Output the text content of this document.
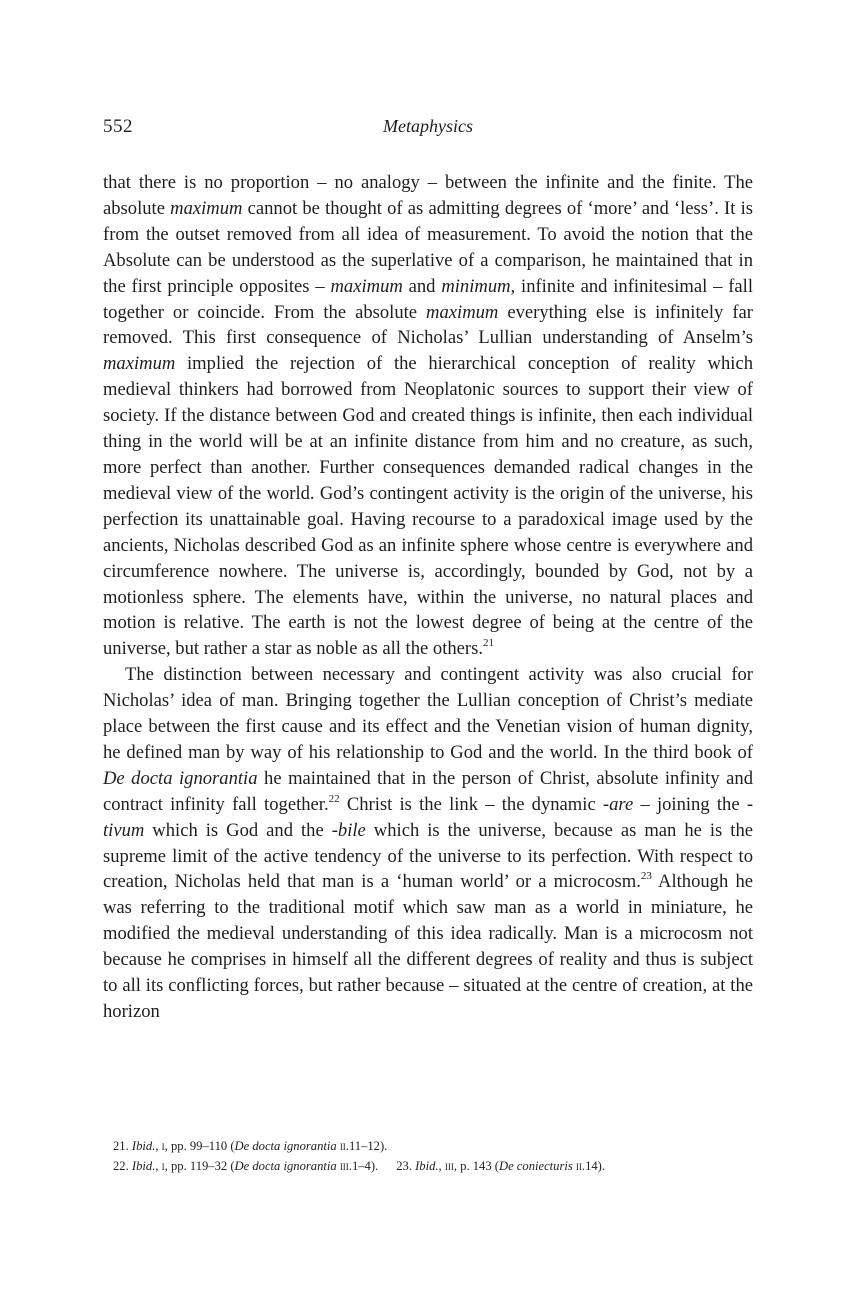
552	Metaphysics

that there is no proportion – no analogy – between the infinite and the finite. The absolute maximum cannot be thought of as admitting degrees of ‘more’ and ‘less’. It is from the outset removed from all idea of measurement. To avoid the notion that the Absolute can be understood as the superlative of a comparison, he maintained that in the first principle opposites – maximum and minimum, infinite and infinitesimal – fall together or coincide. From the absolute maximum everything else is infinitely far removed. This first consequence of Nicholas’ Lullian understanding of Anselm’s maximum implied the rejection of the hierarchical conception of reality which medieval thinkers had borrowed from Neoplatonic sources to support their view of society. If the distance between God and created things is infinite, then each individual thing in the world will be at an infinite distance from him and no creature, as such, more perfect than another. Further consequences demanded radical changes in the medieval view of the world. God’s contingent activity is the origin of the universe, his perfection its unattainable goal. Having recourse to a paradoxical image used by the ancients, Nicholas described God as an infinite sphere whose centre is everywhere and circumference nowhere. The universe is, accordingly, bounded by God, not by a motionless sphere. The elements have, within the universe, no natural places and motion is relative. The earth is not the lowest degree of being at the centre of the universe, but rather a star as noble as all the others.$^{21}$

The distinction between necessary and contingent activity was also crucial for Nicholas’ idea of man. Bringing together the Lullian conception of Christ’s mediate place between the first cause and its effect and the Venetian vision of human dignity, he defined man by way of his relationship to God and the world. In the third book of De docta ignorantia he maintained that in the person of Christ, absolute infinity and contract infinity fall together.$^{22}$ Christ is the link – the dynamic -are – joining the -tivum which is God and the -bile which is the universe, because as man he is the supreme limit of the active tendency of the universe to its perfection. With respect to creation, Nicholas held that man is a ‘human world’ or a microcosm.$^{23}$ Although he was referring to the traditional motif which saw man as a world in miniature, he modified the medieval understanding of this idea radically. Man is a microcosm not because he comprises in himself all the different degrees of reality and thus is subject to all its conflicting forces, but rather because – situated at the centre of creation, at the horizon

21. Ibid., i, pp. 99–110 (De docta ignorantia ii.11–12).

22. Ibid., i, pp. 119–32 (De docta ignorantia iii.1–4). 23. Ibid., iii, p. 143 (De coniecturis ii.14).
